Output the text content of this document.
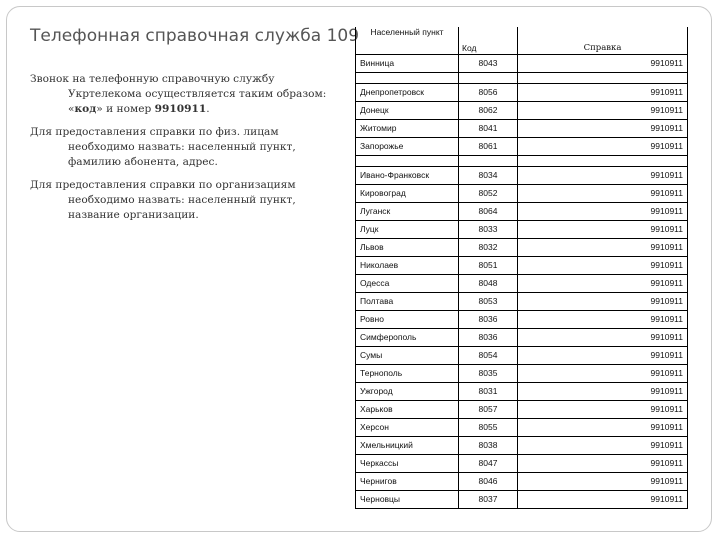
Телефонная справочная служба 109

Звонок на телефонную справочную службу Укртелекома осуществляется таким образом: «код» и номер 9910911.

Для предоставления справки по физ. лицам необходимо назвать: населенный пункт, фамилию абонента, адрес.

Для предоставления справки по организациям необходимо назвать: населенный пункт, название организации.

Населенный пункт	Код	Справка
Винница	8043	9910911

Днепропетровск	8056	9910911
Донецк	8062	9910911
Житомир	8041	9910911
Запорожье	8061	9910911

Ивано-Франковск	8034	9910911
Кировоград	8052	9910911
Луганск	8064	9910911
Луцк	8033	9910911
Львов	8032	9910911
Николаев	8051	9910911
Одесса	8048	9910911
Полтава	8053	9910911
Ровно	8036	9910911
Симферополь	8036	9910911
Сумы	8054	9910911
Тернополь	8035	9910911
Ужгород	8031	9910911
Харьков	8057	9910911
Херсон	8055	9910911
Хмельницкий	8038	9910911
Черкассы	8047	9910911
Чернигов	8046	9910911
Черновцы	8037	9910911
